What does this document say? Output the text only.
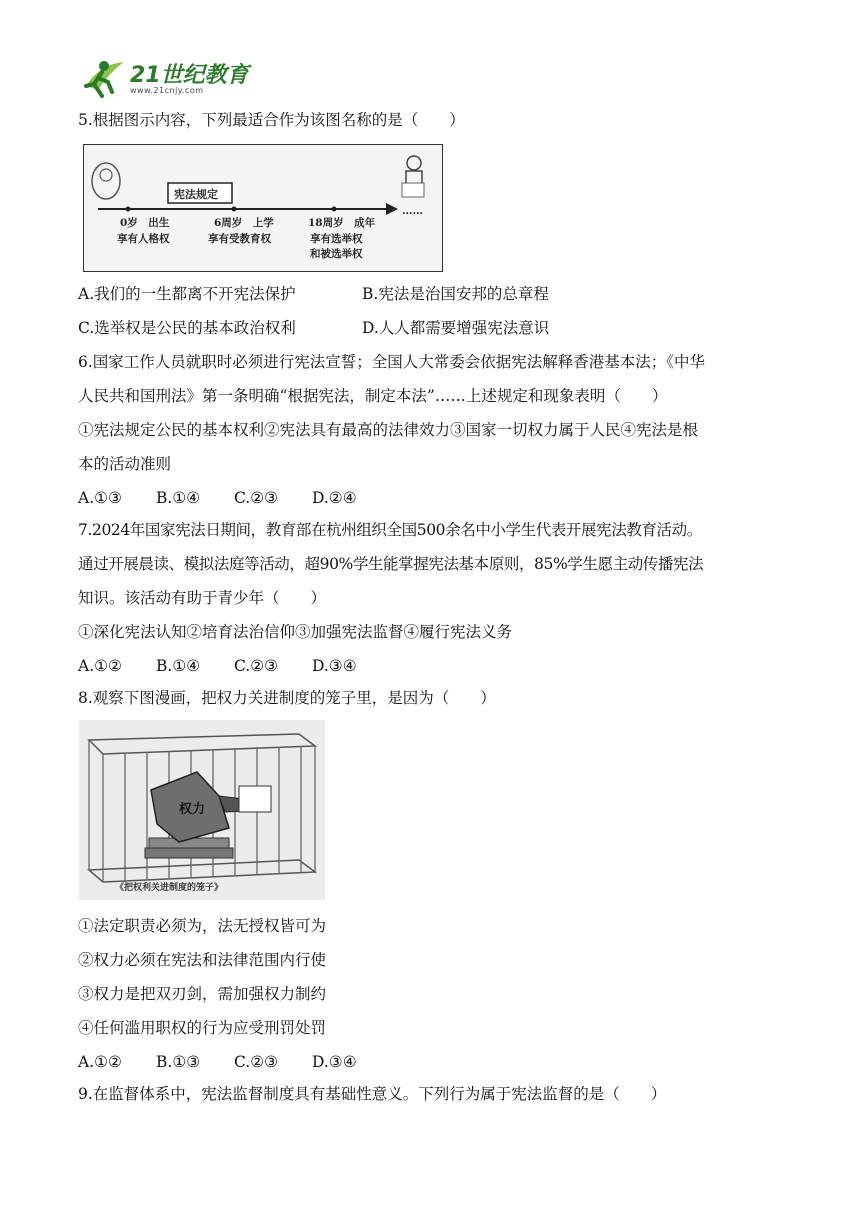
21世纪教育
www.21cnjy.com
5.根据图示内容，下列最适合作为该图名称的是（　　）
宪法规定
0岁　出生
享有人格权
6周岁　上学
享有受教育权
18周岁　成年
享有选举权
和被选举权
……
A.我们的一生都离不开宪法保护	B.宪法是治国安邦的总章程
C.选举权是公民的基本政治权利	D.人人都需要增强宪法意识
6.国家工作人员就职时必须进行宪法宣誓；全国人大常委会依据宪法解释香港基本法；《中华
人民共和国刑法》第一条明确“根据宪法，制定本法”……上述规定和现象表明（　　）
①宪法规定公民的基本权利②宪法具有最高的法律效力③国家一切权力属于人民④宪法是根
本的活动准则
A.①③ B.①④ C.②③ D.②④
7.2024年国家宪法日期间，教育部在杭州组织全国500余名中小学生代表开展宪法教育活动。
通过开展晨读、模拟法庭等活动，超90%学生能掌握宪法基本原则，85%学生愿主动传播宪法
知识。该活动有助于青少年（　　）
①深化宪法认知②培育法治信仰③加强宪法监督④履行宪法义务
A.①② B.①④ C.②③ D.③④
8.观察下图漫画，把权力关进制度的笼子里，是因为（　　）
权力
《把权利关进制度的笼子》
①法定职责必须为，法无授权皆可为
②权力必须在宪法和法律范围内行使
③权力是把双刃剑，需加强权力制约
④任何滥用职权的行为应受刑罚处罚
A.①② B.①③ C.②③ D.③④
9.在监督体系中，宪法监督制度具有基础性意义。下列行为属于宪法监督的是（　　）
